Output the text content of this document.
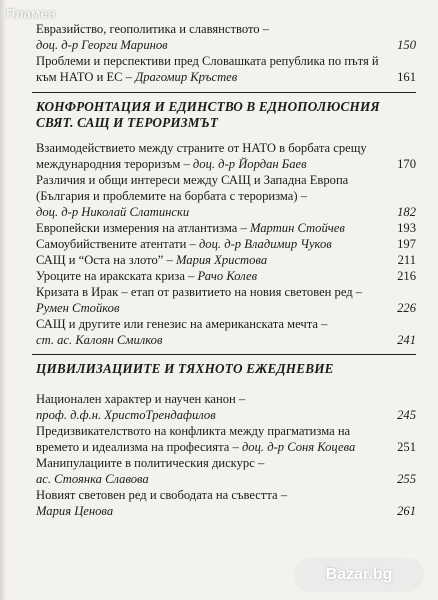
Пламен
Евразийство, геополитика и славянството –
доц. д-р Георги Маринов	150
Проблеми и перспективи пред Словашката република по пътя й
към НАТО и ЕС – Драгомир Кръстев	161
КОНФРОНТАЦИЯ И ЕДИНСТВО В ЕДНОПОЛЮСНИЯ
СВЯТ. САЩ И ТЕРОРИЗМЪТ
Взаимодействието между страните от НАТО в борбата срещу
международния тероризъм – доц. д-р Йордан Баев	170
Различия и общи интереси между САЩ и Западна Европа
(България и проблемите на борбата с тероризма) –
доц. д-р Николай Слатински	182
Европейски измерения на атлантизма – Мартин Стойчев	193
Самоубийствените атентати – доц. д-р Владимир Чуков	197
САЩ и “Оста на злото” – Мария Христова	211
Уроците на иракската криза – Рачо Колев	216
Кризата в Ирак – етап от развитието на новия световен ред –
Румен Стойков	226
САЩ и другите или генезис на американската мечта –
ст. ас. Калоян Смилков	241
ЦИВИЛИЗАЦИИТЕ И ТЯХНОТО ЕЖЕДНЕВИЕ
Национален характер и научен канон –
проф. д.ф.н. ХристоТрендафилов	245
Предизвикателството на конфликта между прагматизма на
времето и идеализма на професията – доц. д-р Соня Коцева	251
Манипулациите в политическия дискурс –
ас. Стоянка Славова	255
Новият световен ред и свободата на съвестта –
Мария Ценова	261
Bazar.bg
